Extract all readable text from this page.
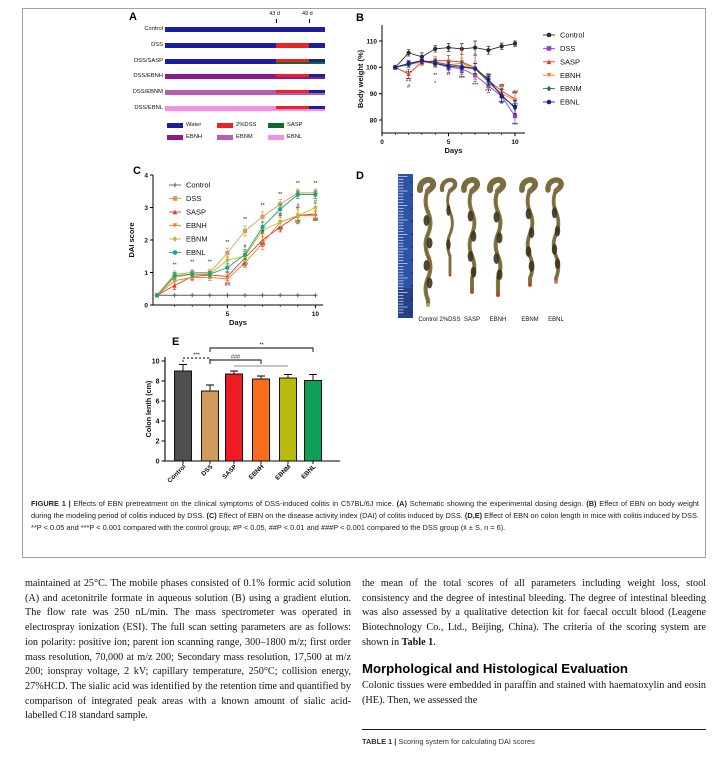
A	B
C	D
E
43 d	49 d
Control
DSS
DSS/SASP
DSS/EBNH
DSS/EBNM
DSS/EBNL
Water	2%DSS	SASP
EBNH	EBNM	EBNL
80
90
100
110
0	5	10
Days
Body weight (%)	***
##
#
**
*
** ***
***
***
##
***
##
***
##
##
Control
DSS
SASP
EBNH
EBNM
EBNL
0
1
2
3
4
5	10
Days
DAI score
**
**	**
**
**
**
**
**	**
##
##
# ##
#
##
#
##
#
##
#
Control
DSS
SASP
EBNH
EBNM
EBNL
1
2
3
4
5
6
7
8
9
10
11
Control 2%DSS SASP EBNH EBNM EBNL
0
2
4
6
8
10
Colon lenth (cm)
Control DSS SASP EBNH EBNM EBNL
***	###
**

FIGURE 1 | Effects of EBN pretreatment on the clinical symptoms of DSS-induced colitis in C57BL/6J mice. (A) Schematic showing the experimental dosing design. (B) Effect of EBN on body weight during the modeling period of colitis induced by DSS. (C) Effect of EBN on the disease activity index (DAI) of colitis induced by DSS. (D,E) Effect of EBN on colon length in mice with colitis induced by DSS. **P < 0.05 and ***P < 0.001 compared with the control group; #P < 0.05, ##P < 0.01 and ###P < 0.001 compared to the DSS group (x̄ ± S, n = 6).

maintained at 25°C. The mobile phases consisted of 0.1% formic acid solution (A) and acetonitrile formate in aqueous solution (B) using a gradient elution. The flow rate was 250 nL/min. The mass spectrometer was operated in electrospray ionization (ESI). The full scan setting parameters are as follows: ion polarity: positive ion; parent ion scanning range, 300–1800 m/z; first order mass resolution, 70,000 at m/z 200; Secondary mass resolution, 17,500 at m/z 200; ionspray voltage, 2 kV; capillary temperature, 250°C; collision energy, 27%HCD. The sialic acid was identified by the retention time and quantified by comparison of integrated peak areas with a known amount of sialic acid-labelled C18 standard sample.

the mean of the total scores of all parameters including weight loss, stool consistency and the degree of intestinal bleeding. The degree of intestinal bleeding was also assessed by a qualitative detection kit for faecal occult blood (Leagene Biotechnology Co., Ltd., Beijing, China). The criteria of the scoring system are shown in Table 1.

Morphological and Histological Evaluation

Colonic tissues were embedded in paraffin and stained with haematoxylin and eosin (HE). Then, we assessed the

TABLE 1 | Scoring system for calculating DAI scores
